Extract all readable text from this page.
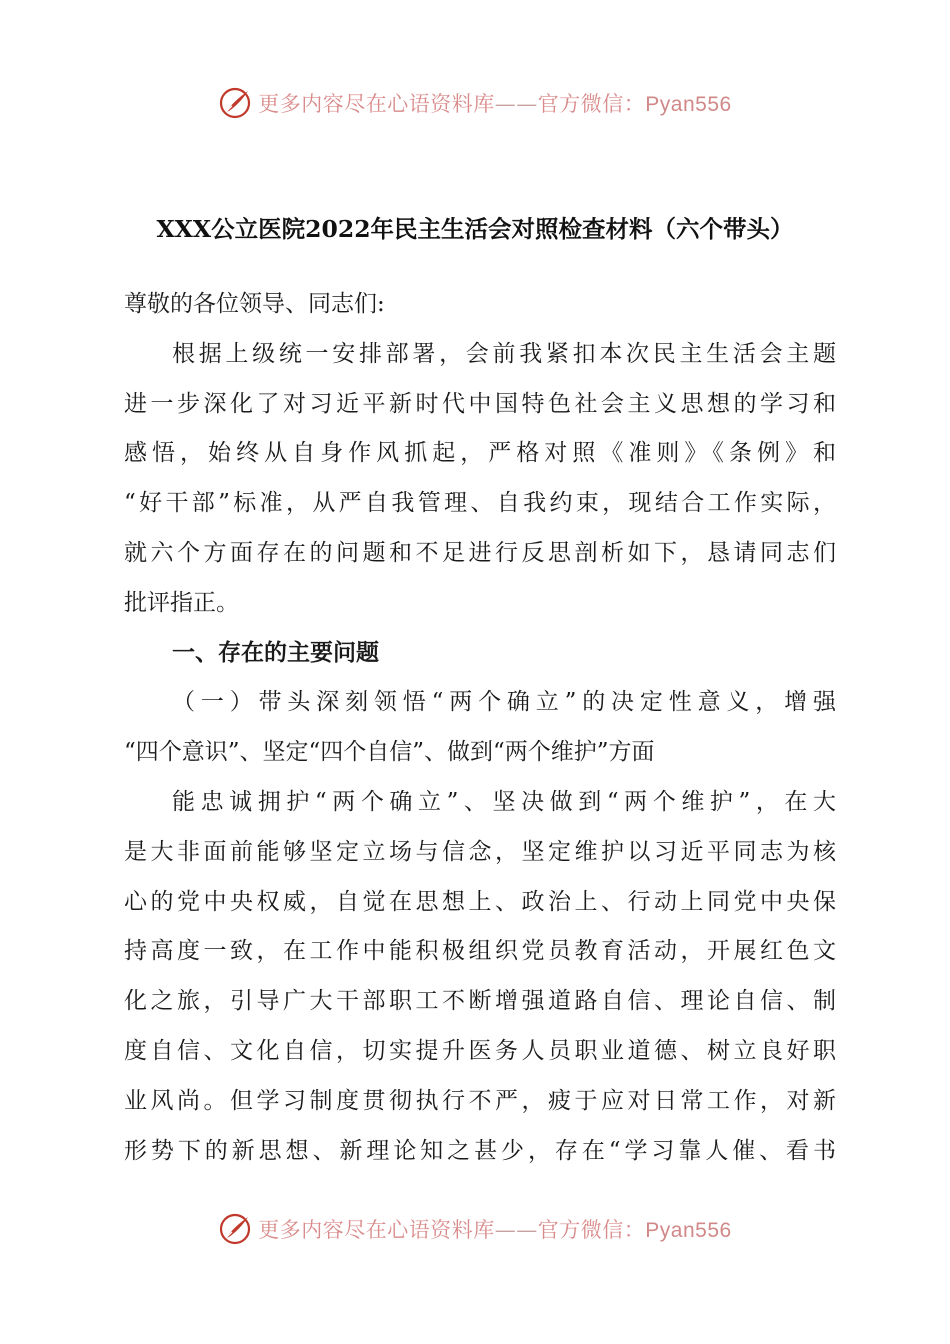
更多内容尽在心语资料库——官方微信：Pyan556
XXX公立医院2022年民主生活会对照检查材料（六个带头）
尊敬的各位领导、同志们:
根据上级统一安排部署，会前我紧扣本次民主生活会主题
进一步深化了对习近平新时代中国特色社会主义思想的学习和
感悟，始终从自身作风抓起，严格对照《准则》《条例》和
“好干部”标准，从严自我管理、自我约束，现结合工作实际，
就六个方面存在的问题和不足进行反思剖析如下，恳请同志们
批评指正。
一、存在的主要问题
（一）带头深刻领悟“两个确立”的决定性意义，增强
“四个意识”、坚定“四个自信”、做到“两个维护”方面
能忠诚拥护“两个确立”、坚决做到“两个维护”，在大
是大非面前能够坚定立场与信念，坚定维护以习近平同志为核
心的党中央权威，自觉在思想上、政治上、行动上同党中央保
持高度一致，在工作中能积极组织党员教育活动，开展红色文
化之旅，引导广大干部职工不断增强道路自信、理论自信、制
度自信、文化自信，切实提升医务人员职业道德、树立良好职
业风尚。但学习制度贯彻执行不严，疲于应对日常工作，对新
形势下的新思想、新理论知之甚少，存在“学习靠人催、看书
更多内容尽在心语资料库——官方微信：Pyan556
